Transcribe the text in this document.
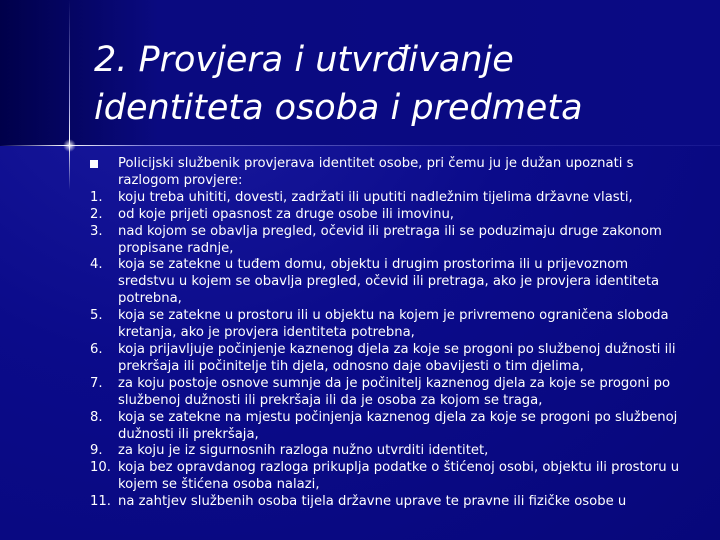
2. Provjera i utvrđivanje
identiteta osoba i predmeta
Policijski službenik provjerava identitet osobe, pri čemu ju je dužan upoznati s razlogom provjere:
1. koju treba uhititi, dovesti, zadržati ili uputiti nadležnim tijelima državne vlasti,
2. od koje prijeti opasnost za druge osobe ili imovinu,
3. nad kojom se obavlja pregled, očevid ili pretraga ili se poduzimaju druge zakonom propisane radnje,
4. koja se zatekne u tuđem domu, objektu i drugim prostorima ili u prijevoznom sredstvu u kojem se obavlja pregled, očevid ili pretraga, ako je provjera identiteta potrebna,
5. koja se zatekne u prostoru ili u objektu na kojem je privremeno ograničena sloboda kretanja, ako je provjera identiteta potrebna,
6. koja prijavljuje počinjenje kaznenog djela za koje se progoni po službenoj dužnosti ili prekršaja ili počinitelje tih djela, odnosno daje obavijesti o tim djelima,
7. za koju postoje osnove sumnje da je počinitelj kaznenog djela za koje se progoni po službenoj dužnosti ili prekršaja ili da je osoba za kojom se traga,
8. koja se zatekne na mjestu počinjenja kaznenog djela za koje se progoni po službenoj dužnosti ili prekršaja,
9. za koju je iz sigurnosnih razloga nužno utvrditi identitet,
10. koja bez opravdanog razloga prikuplja podatke o štićenoj osobi, objektu ili prostoru u kojem se štićena osoba nalazi,
11. na zahtjev službenih osoba tijela državne uprave te pravne ili fizičke osobe u
